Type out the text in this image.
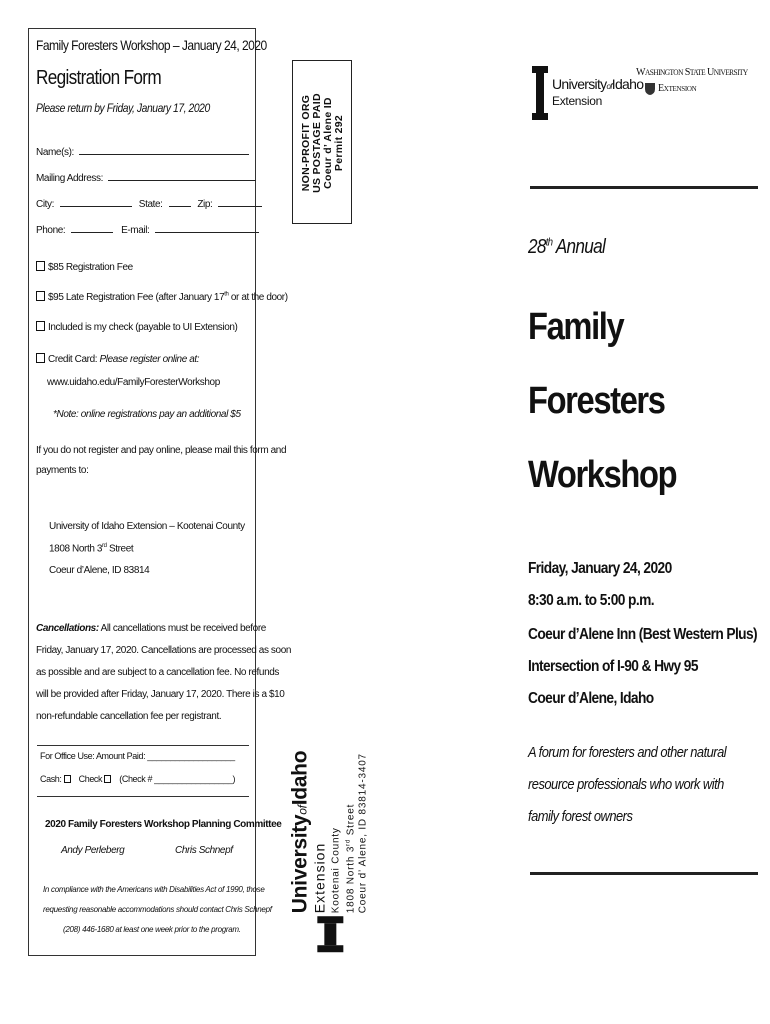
Family Foresters Workshop – January 24, 2020
Registration Form
Please return by Friday, January 17, 2020
Name(s):
Mailing Address:
City:	State:	Zip:
Phone:	E-mail:
$85 Registration Fee
$95 Late Registration Fee (after January 17th or at the door)
Included is my check (payable to UI Extension)
Credit Card: Please register online at:
www.uidaho.edu/FamilyForesterWorkshop
*Note: online registrations pay an additional $5
If you do not register and pay online, please mail this form and
payments to:
University of Idaho Extension – Kootenai County
1808 North 3rd Street
Coeur d’Alene, ID 83814
Cancellations: All cancellations must be received before
Friday, January 17, 2020. Cancellations are processed as soon
as possible and are subject to a cancellation fee. No refunds
will be provided after Friday, January 17, 2020. There is a $10
non-refundable cancellation fee per registrant.
For Office Use: Amount Paid: ___________________
Cash: Check (Check # _________________)
2020 Family Foresters Workshop Planning Committee
Andy Perleberg	Chris Schnepf
In compliance with the Americans with Disabilities Act of 1990, those
requesting reasonable accommodations should contact Chris Schnepf
(208) 446-1680 at least one week prior to the program.
NON-PROFIT ORG US POSTAGE PAID Coeur d’ Alene ID Permit 292
UniversityofIdaho
Extension Kootenai County 1808 North 3rd Street Coeur d’ Alene, ID 83814-3407
UniversityofIdaho
Extension
Washington State University
Extension
28th Annual
Family
Foresters
Workshop
Friday, January 24, 2020
8:30 a.m. to 5:00 p.m.
Coeur d’Alene Inn (Best Western Plus)
Intersection of I-90 & Hwy 95
Coeur d’Alene, Idaho
A forum for foresters and other natural
resource professionals who work with
family forest owners
